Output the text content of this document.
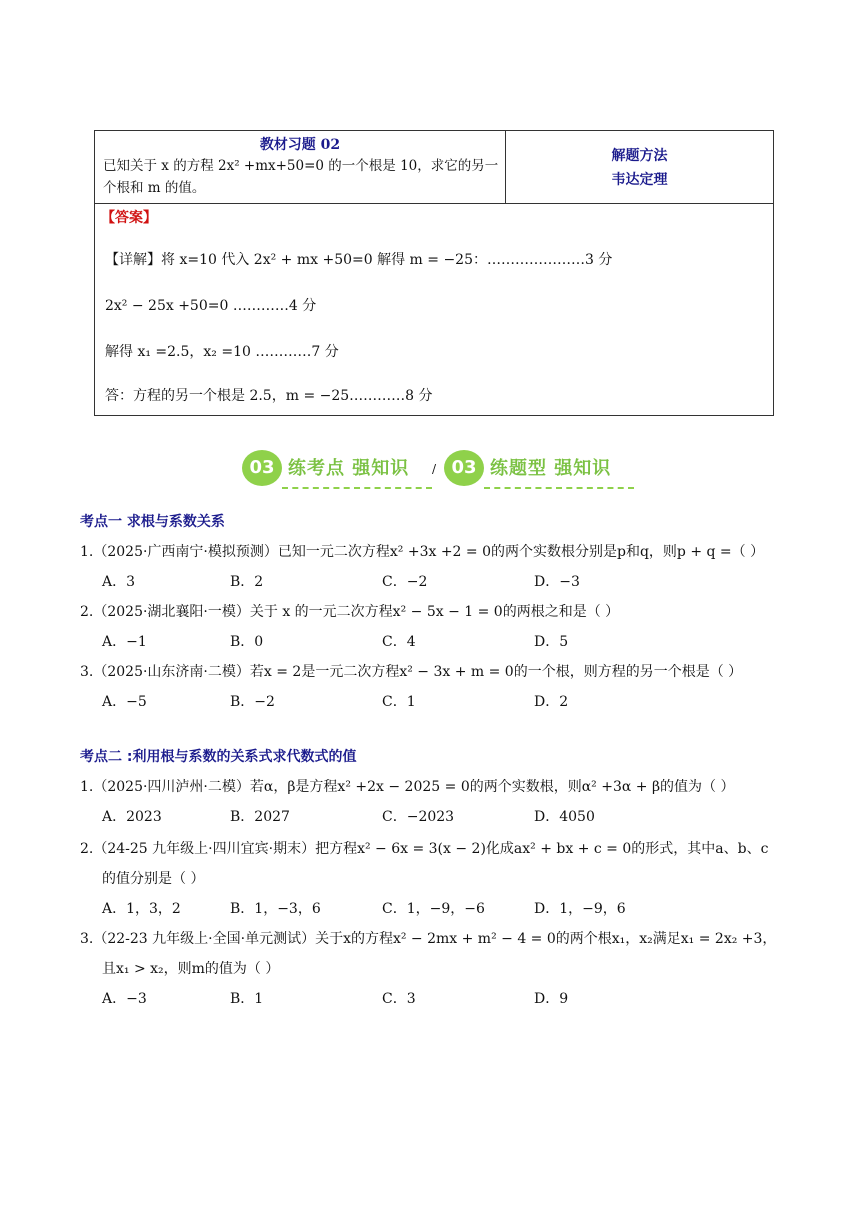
教材习题 02
已知关于 x 的方程 2x² +mx+50=0 的一个根是 10，求它的另一
个根和 m 的值。
解题方法
韦达定理
【答案】
【详解】将 x=10 代入 2x² + mx +50=0 解得 m = −25：…………………3 分
2x² − 25x +50=0 …………4 分
解得 x₁ =2.5，x₂ =10 …………7 分
答：方程的另一个根是 2.5，m = −25…………8 分
03 练考点 强知识 / 03 练题型 强知识
考点一 求根与系数关系
1.（2025·广西南宁·模拟预测）已知一元二次方程x² +3x +2 = 0的两个实数根分别是p和q，则p + q =（ ）
A．3	B．2	C．−2	D．−3
2.（2025·湖北襄阳·一模）关于 x 的一元二次方程x² − 5x − 1 = 0的两根之和是（ ）
A．−1	B．0	C．4	D．5
3.（2025·山东济南·二模）若x = 2是一元二次方程x² − 3x + m = 0的一个根，则方程的另一个根是（ ）
A．−5	B．−2	C．1	D．2
考点二 :利用根与系数的关系式求代数式的值
1.（2025·四川泸州·二模）若α，β是方程x² +2x − 2025 = 0的两个实数根，则α² +3α + β的值为（ ）
A．2023	B．2027	C．−2023	D．4050
2.（24-25 九年级上·四川宜宾·期末）把方程x² − 6x = 3(x − 2)化成ax² + bx + c = 0的形式，其中a、b、c
的值分别是（ ）
A．1，3，2	B．1，−3，6	C．1，−9，−6	D．1，−9，6
3.（22-23 九年级上·全国·单元测试）关于x的方程x² − 2mx + m² − 4 = 0的两个根x₁，x₂满足x₁ = 2x₂ +3，
且x₁ > x₂，则m的值为（ ）
A．−3	B．1	C．3	D．9
